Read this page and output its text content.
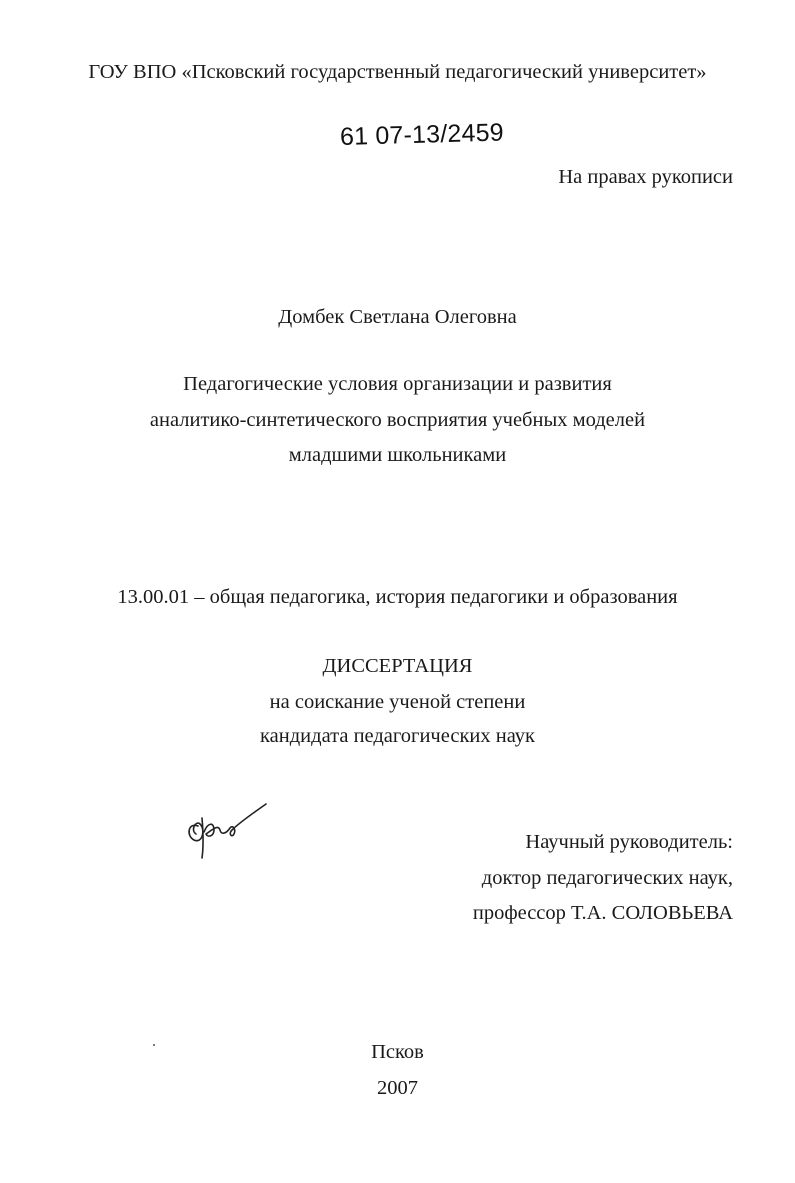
ГОУ ВПО «Псковский государственный педагогический университет»
61 07-13/2459
На правах рукописи
Домбек Светлана Олеговна
Педагогические условия организации и развития
аналитико-синтетического восприятия учебных моделей
младшими школьниками
13.00.01 – общая педагогика, история педагогики и образования
ДИССЕРТАЦИЯ
на соискание ученой степени
кандидата педагогических наук
Научный руководитель:
доктор педагогических наук,
профессор Т.А. СОЛОВЬЕВА
Псков
2007
